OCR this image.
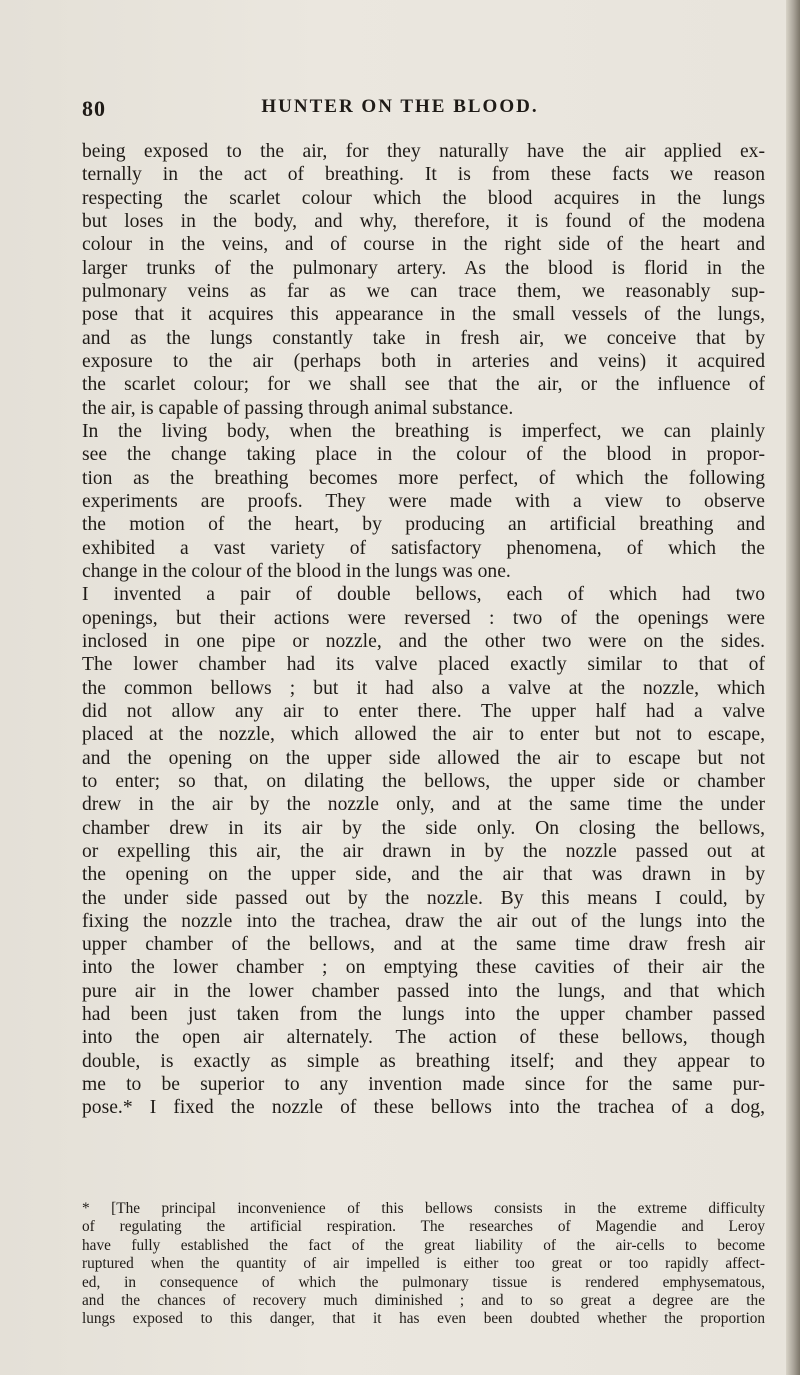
80	HUNTER ON THE BLOOD.
being exposed to the air, for they naturally have the air applied ex-
ternally in the act of breathing. It is from these facts we reason
respecting the scarlet colour which the blood acquires in the lungs
but loses in the body, and why, therefore, it is found of the modena
colour in the veins, and of course in the right side of the heart and
larger trunks of the pulmonary artery. As the blood is florid in the
pulmonary veins as far as we can trace them, we reasonably sup-
pose that it acquires this appearance in the small vessels of the lungs,
and as the lungs constantly take in fresh air, we conceive that by
exposure to the air (perhaps both in arteries and veins) it acquired
the scarlet colour; for we shall see that the air, or the influence of
the air, is capable of passing through animal substance.
In the living body, when the breathing is imperfect, we can plainly
see the change taking place in the colour of the blood in propor-
tion as the breathing becomes more perfect, of which the following
experiments are proofs. They were made with a view to observe
the motion of the heart, by producing an artificial breathing and
exhibited a vast variety of satisfactory phenomena, of which the
change in the colour of the blood in the lungs was one.
I invented a pair of double bellows, each of which had two
openings, but their actions were reversed : two of the openings were
inclosed in one pipe or nozzle, and the other two were on the sides.
The lower chamber had its valve placed exactly similar to that of
the common bellows ; but it had also a valve at the nozzle, which
did not allow any air to enter there. The upper half had a valve
placed at the nozzle, which allowed the air to enter but not to escape,
and the opening on the upper side allowed the air to escape but not
to enter; so that, on dilating the bellows, the upper side or chamber
drew in the air by the nozzle only, and at the same time the under
chamber drew in its air by the side only. On closing the bellows,
or expelling this air, the air drawn in by the nozzle passed out at
the opening on the upper side, and the air that was drawn in by
the under side passed out by the nozzle. By this means I could, by
fixing the nozzle into the trachea, draw the air out of the lungs into the
upper chamber of the bellows, and at the same time draw fresh air
into the lower chamber ; on emptying these cavities of their air the
pure air in the lower chamber passed into the lungs, and that which
had been just taken from the lungs into the upper chamber passed
into the open air alternately. The action of these bellows, though
double, is exactly as simple as breathing itself; and they appear to
me to be superior to any invention made since for the same pur-
pose.* I fixed the nozzle of these bellows into the trachea of a dog,
* [The principal inconvenience of this bellows consists in the extreme difficulty
of regulating the artificial respiration. The researches of Magendie and Leroy
have fully established the fact of the great liability of the air-cells to become
ruptured when the quantity of air impelled is either too great or too rapidly affect-
ed, in consequence of which the pulmonary tissue is rendered emphysematous,
and the chances of recovery much diminished ; and to so great a degree are the
lungs exposed to this danger, that it has even been doubted whether the proportion
